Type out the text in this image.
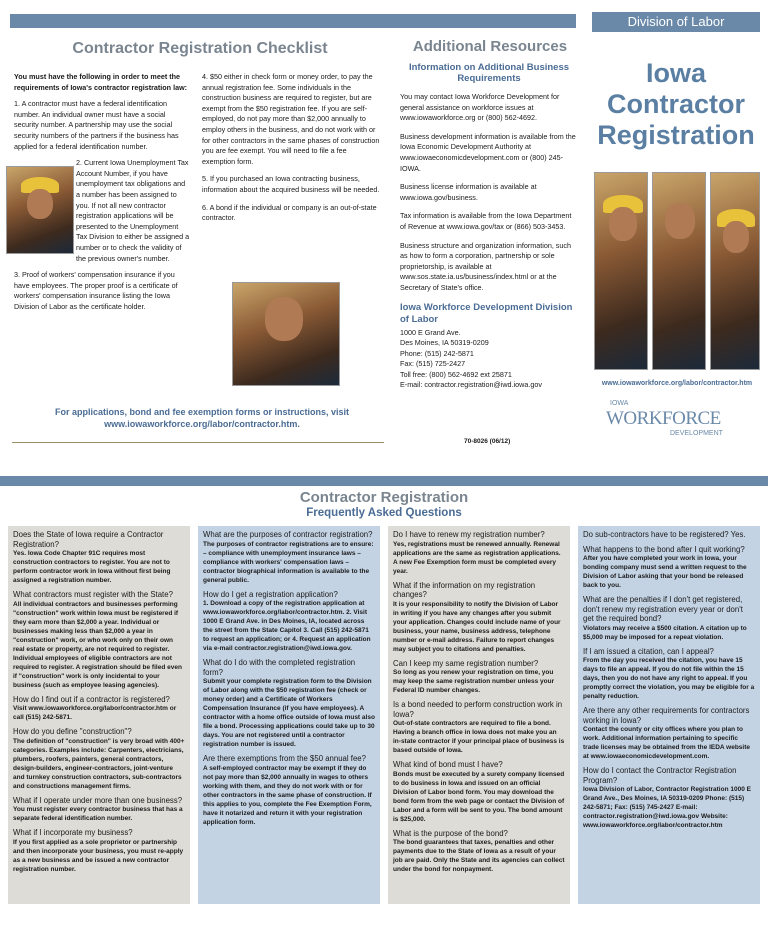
Division of Labor
Contractor Registration Checklist

You must have the following in order to meet the requirements of Iowa's contractor registration law:

1. A contractor must have a federal identification number. An individual owner must have a social security number. A partnership may use the social security numbers of the partners if the business has applied for a federal identification number.

2. Current Iowa Unemployment Tax Account Number, if you have unemployment tax obligations and a number has been assigned to you. If not all new contractor registration applications will be presented to the Unemployment Tax Division to either be assigned a number or to check the validity of the previous owner's number.

3. Proof of workers' compensation insurance if you have employees. The proper proof is a certificate of workers' compensation insurance listing the Iowa Division of Labor as the certificate holder.

4. $50 either in check form or money order, to pay the annual registration fee. Some individuals in the construction business are required to register, but are exempt from the $50 registration fee. If you are self-employed, do not pay more than $2,000 annually to employ others in the business, and do not work with or for other contractors in the same phases of construction you are fee exempt. You will need to file a fee exemption form.

5. If you purchased an Iowa contracting business, information about the acquired business will be needed.

6. A bond if the individual or company is an out-of-state contractor.

For applications, bond and fee exemption forms or instructions, visit www.iowaworkforce.org/labor/contractor.htm.
Additional Resources
Information on Additional Business Requirements

You may contact Iowa Workforce Development for general assistance on workforce issues at www.iowaworkforce.org or (800) 562-4692.

Business development information is available from the Iowa Economic Development Authority at www.iowaeconomicdevelopment.com or (800) 245-IOWA.

Business license information is available at www.iowa.gov/business.

Tax information is available from the Iowa Department of Revenue at www.iowa.gov/tax or (866) 503-3453.

Business structure and organization information, such as how to form a corporation, partnership or sole proprietorship, is available at www.sos.state.ia.us/business/index.html or at the Secretary of State's office.

Iowa Workforce Development Division of Labor
1000 E Grand Ave.
Des Moines, IA 50319-0209
Phone: (515) 242-5871
Fax: (515) 725-2427
Toll free: (800) 562-4692 ext 25871
E-mail: contractor.registration@iwd.iowa.gov
70-8026 (06/12)
Iowa
Contractor
Registration
www.iowaworkforce.org/labor/contractor.htm
IOWA
WORKFORCE
DEVELOPMENT
Contractor Registration
Frequently Asked Questions
Does the State of Iowa require a Contractor Registration?
Yes. Iowa Code Chapter 91C requires most construction contractors to register. You are not to perform contractor work in Iowa without first being assigned a registration number.
What contractors must register with the State?
All individual contractors and businesses performing "construction" work within Iowa must be registered if they earn more than $2,000 a year. Individual or businesses making less than $2,000 a year in "construction" work, or who work only on their own real estate or property, are not required to register. Individual employees of eligible contractors are not required to register. A registration should be filed even if "construction" work is only incidental to your business (such as employee leasing agencies).
How do I find out if a contractor is registered?
Visit www.iowaworkforce.org/labor/contractor.htm or call (515) 242-5871.
How do you define "construction"?
The definition of "construction" is very broad with 400+ categories. Examples include: Carpenters, electricians, plumbers, roofers, painters, general contractors, design-builders, engineer-contractors, joint-venture and turnkey construction contractors, sub-contractors and constructions management firms.
What if I operate under more than one business?
You must register every contractor business that has a separate federal identification number.
What if I incorporate my business?
If you first applied as a sole proprietor or partnership and then incorporate your business, you must re-apply as a new business and be issued a new contractor registration number.
What are the purposes of contractor registration?
The purposes of contractor registrations are to ensure: – compliance with unemployment insurance laws – compliance with workers' compensation laws – contractor biographical information is available to the general public.
How do I get a registration application?
1. Download a copy of the registration application at www.iowaworkforce.org/labor/contractor.htm. 2. Visit 1000 E Grand Ave. in Des Moines, IA, located across the street from the State Capitol 3. Call (515) 242-5871 to request an application; or 4. Request an application via e-mail contractor.registration@iwd.iowa.gov.
What do I do with the completed registration form?
Submit your complete registration form to the Division of Labor along with the $50 registration fee (check or money order) and a Certificate of Workers Compensation Insurance (if you have employees). A contractor with a home office outside of Iowa must also file a bond. Processing applications could take up to 30 days. You are not registered until a contractor registration number is issued.
Are there exemptions from the $50 annual fee?
A self-employed contractor may be exempt if they do not pay more than $2,000 annually in wages to others working with them, and they do not work with or for other contractors in the same phase of construction. If this applies to you, complete the Fee Exemption Form, have it notarized and return it with your registration application form.
Do I have to renew my registration number?
Yes, registrations must be renewed annually. Renewal applications are the same as registration applications. A new Fee Exemption form must be completed every year.
What if the information on my registration changes?
It is your responsibility to notify the Division of Labor in writing if you have any changes after you submit your application. Changes could include name of your business, your name, business address, telephone number or e-mail address. Failure to report changes may subject you to citations and penalties.
Can I keep my same registration number?
So long as you renew your registration on time, you may keep the same registration number unless your Federal ID number changes.
Is a bond needed to perform construction work in Iowa?
Out-of-state contractors are required to file a bond. Having a branch office in Iowa does not make you an in-state contractor if your principal place of business is based outside of Iowa.
What kind of bond must I have?
Bonds must be executed by a surety company licensed to do business in Iowa and issued on an official Division of Labor bond form. You may download the bond form from the web page or contact the Division of Labor and a form will be sent to you. The bond amount is $25,000.
What is the purpose of the bond?
The bond guarantees that taxes, penalties and other payments due to the State of Iowa as a result of your job are paid. Only the State and its agencies can collect under the bond for nonpayment.
Do sub-contractors have to be registered? Yes.
What happens to the bond after I quit working?
After you have completed your work in Iowa, your bonding company must send a written request to the Division of Labor asking that your bond be released back to you.
What are the penalties if I don't get registered, don't renew my registration every year or don't get the required bond?
Violators may receive a $500 citation. A citation up to $5,000 may be imposed for a repeat violation.
If I am issued a citation, can I appeal?
From the day you received the citation, you have 15 days to file an appeal. If you do not file within the 15 days, then you do not have any right to appeal. If you promptly correct the violation, you may be eligible for a penalty reduction.
Are there any other requirements for contractors working in Iowa?
Contact the county or city offices where you plan to work. Additional information pertaining to specific trade licenses may be obtained from the IEDA website at www.iowaeconomicdevelopment.com.
How do I contact the Contractor Registration Program?
Iowa Division of Labor, Contractor Registration 1000 E Grand Ave., Des Moines, IA 50319-0209 Phone: (515) 242-5871; Fax: (515) 745-2427 E-mail: contractor.registration@iwd.iowa.gov Website: www.iowaworkforce.org/labor/contractor.htm
